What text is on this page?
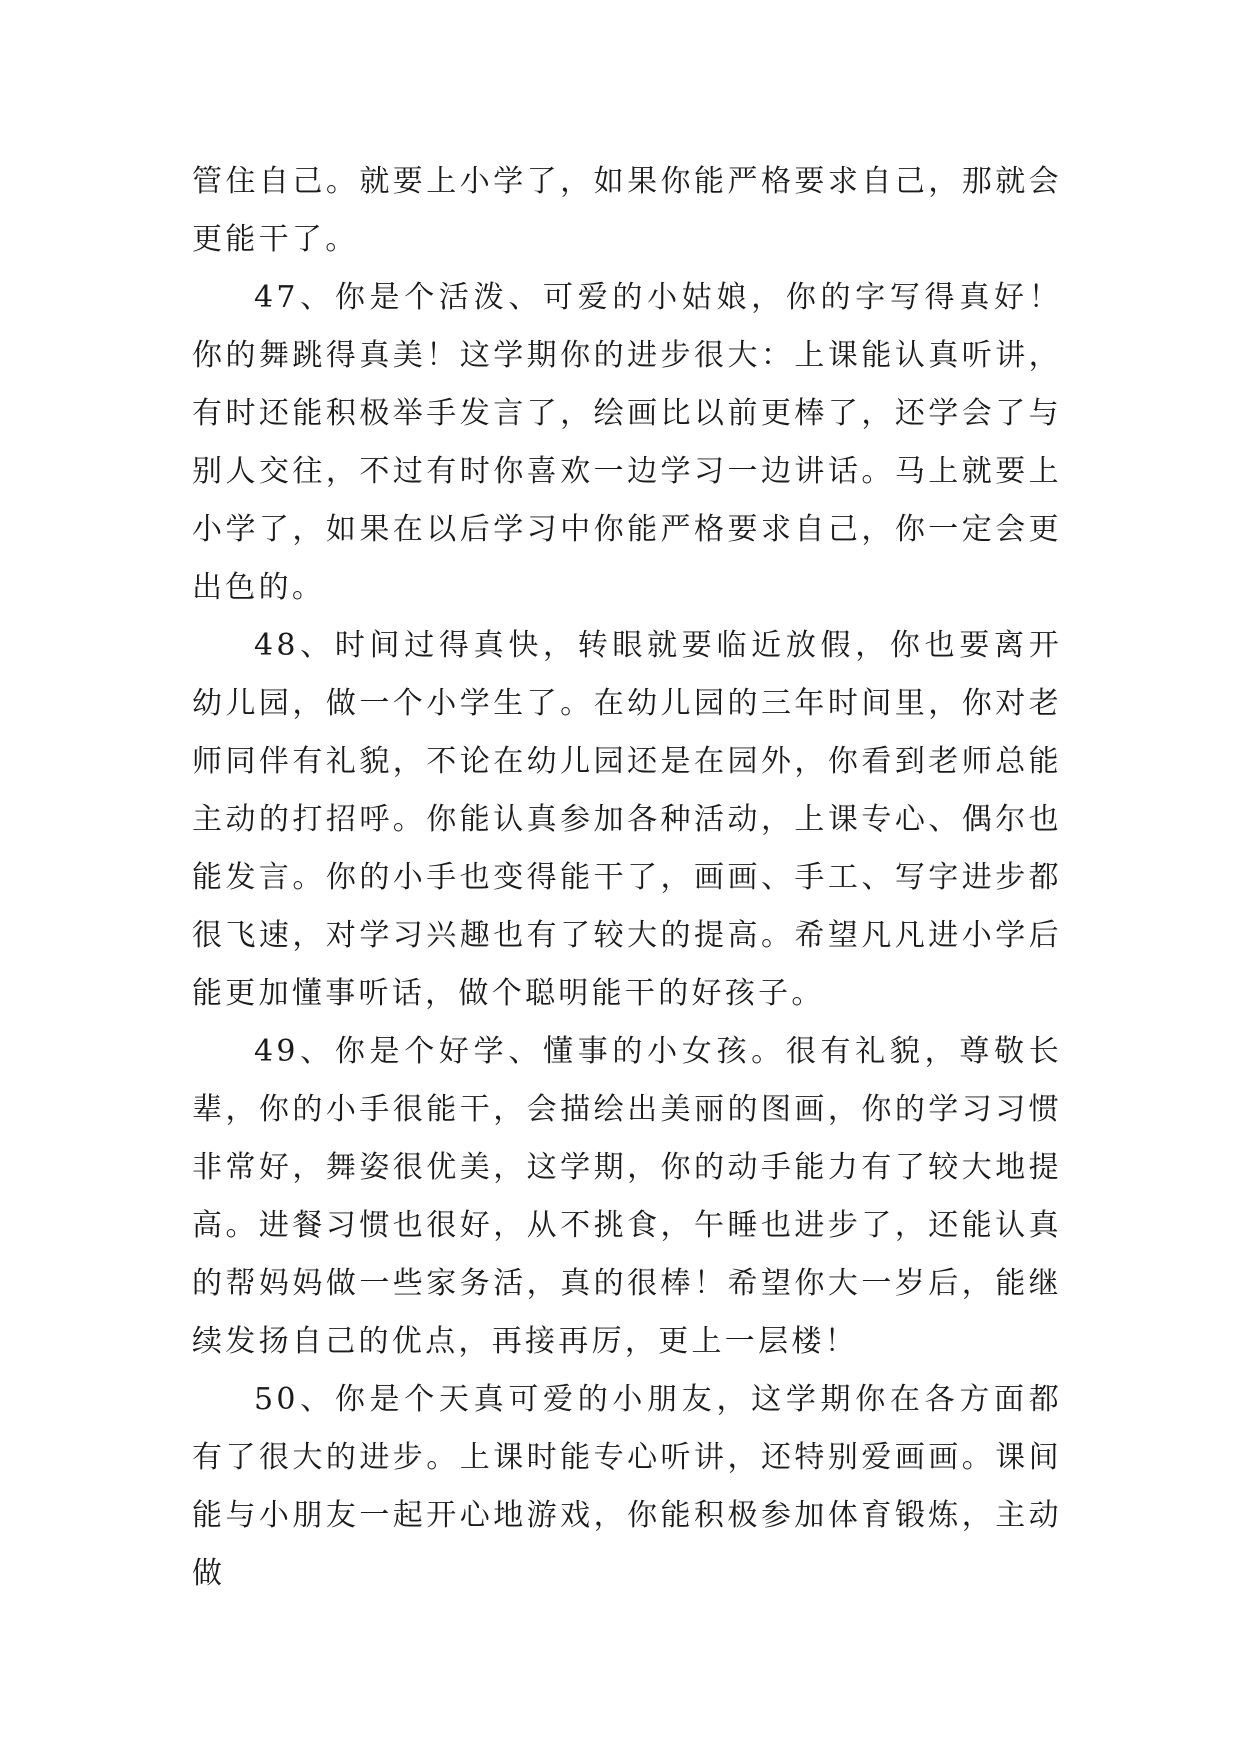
管住自己。就要上小学了，如果你能严格要求自己，那就会更能干了。

47、你是个活泼、可爱的小姑娘，你的字写得真好！你的舞跳得真美！这学期你的进步很大：上课能认真听讲，有时还能积极举手发言了，绘画比以前更棒了，还学会了与别人交往，不过有时你喜欢一边学习一边讲话。马上就要上小学了，如果在以后学习中你能严格要求自己，你一定会更出色的。

48、时间过得真快，转眼就要临近放假，你也要离开幼儿园，做一个小学生了。在幼儿园的三年时间里，你对老师同伴有礼貌，不论在幼儿园还是在园外，你看到老师总能主动的打招呼。你能认真参加各种活动，上课专心、偶尔也能发言。你的小手也变得能干了，画画、手工、写字进步都很飞速，对学习兴趣也有了较大的提高。希望凡凡进小学后能更加懂事听话，做个聪明能干的好孩子。

49、你是个好学、懂事的小女孩。很有礼貌，尊敬长辈，你的小手很能干，会描绘出美丽的图画，你的学习习惯非常好，舞姿很优美，这学期，你的动手能力有了较大地提高。进餐习惯也很好，从不挑食，午睡也进步了，还能认真的帮妈妈做一些家务活，真的很棒！希望你大一岁后，能继续发扬自己的优点，再接再厉，更上一层楼！

50、你是个天真可爱的小朋友，这学期你在各方面都有了很大的进步。上课时能专心听讲，还特别爱画画。课间能与小朋友一起开心地游戏，你能积极参加体育锻炼，主动做
